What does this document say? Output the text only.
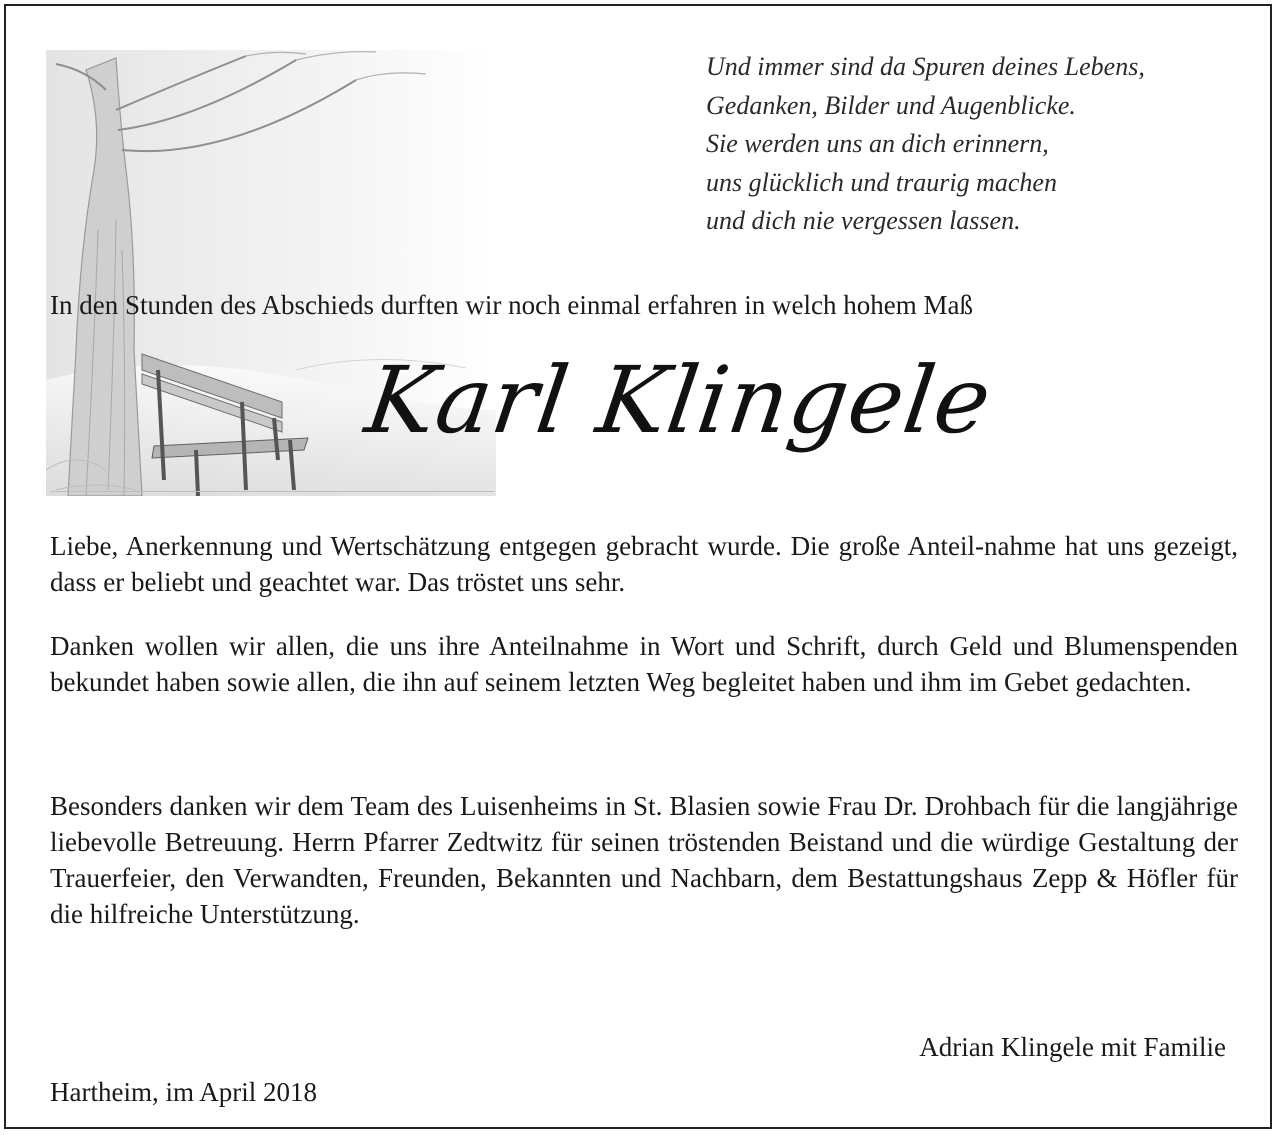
Und immer sind da Spuren deines Lebens,
Gedanken, Bilder und Augenblicke.
Sie werden uns an dich erinnern,
uns glücklich und traurig machen
und dich nie vergessen lassen.
In den Stunden des Abschieds durften wir noch einmal erfahren in welch hohem Maß
Karl Klingele
Liebe, Anerkennung und Wertschätzung entgegen gebracht wurde. Die große Anteil-nahme hat uns gezeigt, dass er beliebt und geachtet war. Das tröstet uns sehr.
Danken wollen wir allen, die uns ihre Anteilnahme in Wort und Schrift, durch Geld und Blumenspenden bekundet haben sowie allen, die ihn auf seinem letzten Weg begleitet haben und ihm im Gebet gedachten.
Besonders danken wir dem Team des Luisenheims in St. Blasien sowie Frau Dr. Drohbach für die langjährige liebevolle Betreuung. Herrn Pfarrer Zedtwitz für seinen tröstenden Beistand und die würdige Gestaltung der Trauerfeier, den Verwandten, Freunden, Bekannten und Nachbarn, dem Bestattungshaus Zepp & Höfler für die hilfreiche Unterstützung.
Adrian Klingele mit Familie
Hartheim, im April 2018
